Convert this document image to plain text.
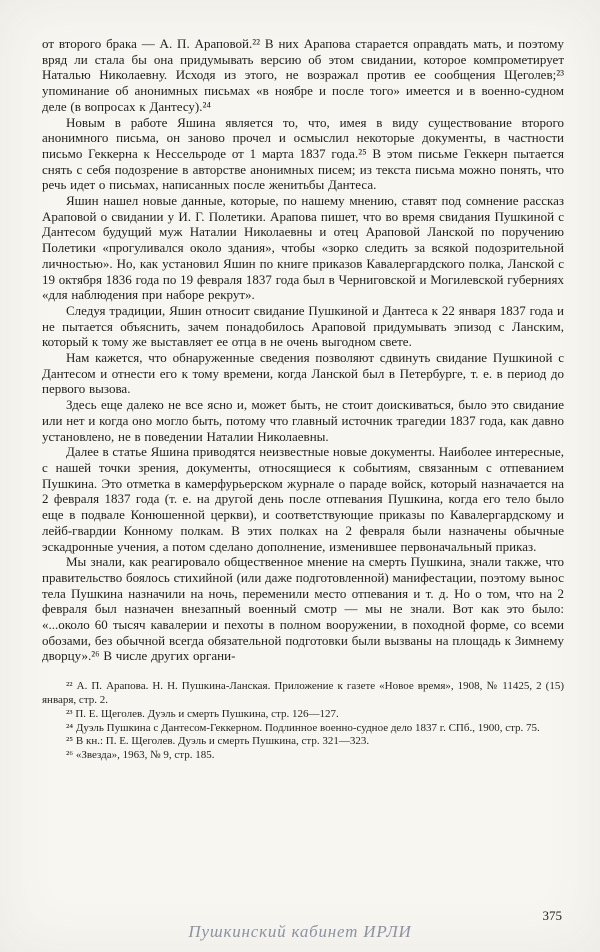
от второго брака — А. П. Араповой.²² В них Арапова старается оправдать мать, и поэтому вряд ли стала бы она придумывать версию об этом свидании, которое компрометирует Наталью Николаевну. Исходя из этого, не возражал против ее сообщения Щеголев;²³ упоминание об анонимных письмах «в ноябре и после того» имеется и в военно-судном деле (в вопросах к Дантесу).²⁴

Новым в работе Яшина является то, что, имея в виду существование второго анонимного письма, он заново прочел и осмыслил некоторые документы, в частности письмо Геккерна к Нессельроде от 1 марта 1837 года.²⁵ В этом письме Геккерн пытается снять с себя подозрение в авторстве анонимных писем; из текста письма можно понять, что речь идет о письмах, написанных после женитьбы Дантеса.

Яшин нашел новые данные, которые, по нашему мнению, ставят под сомнение рассказ Араповой о свидании у И. Г. Полетики. Арапова пишет, что во время свидания Пушкиной с Дантесом будущий муж Наталии Николаевны и отец Араповой Ланской по поручению Полетики «прогуливался около здания», чтобы «зорко следить за всякой подозрительной личностью». Но, как установил Яшин по книге приказов Кавалергардского полка, Ланской с 19 октября 1836 года по 19 февраля 1837 года был в Черниговской и Могилевской губерниях «для наблюдения при наборе рекрут».

Следуя традиции, Яшин относит свидание Пушкиной и Дантеса к 22 января 1837 года и не пытается объяснить, зачем понадобилось Араповой придумывать эпизод с Ланским, который к тому же выставляет ее отца в не очень выгодном свете.

Нам кажется, что обнаруженные сведения позволяют сдвинуть свидание Пушкиной с Дантесом и отнести его к тому времени, когда Ланской был в Петербурге, т. е. в период до первого вызова.

Здесь еще далеко не все ясно и, может быть, не стоит доискиваться, было это свидание или нет и когда оно могло быть, потому что главный источник трагедии 1837 года, как давно установлено, не в поведении Наталии Николаевны.

Далее в статье Яшина приводятся неизвестные новые документы. Наиболее интересные, с нашей точки зрения, документы, относящиеся к событиям, связанным с отпеванием Пушкина. Это отметка в камерфурьерском журнале о параде войск, который назначается на 2 февраля 1837 года (т. е. на другой день после отпевания Пушкина, когда его тело было еще в подвале Конюшенной церкви), и соответствующие приказы по Кавалергардскому и лейб-гвардии Конному полкам. В этих полках на 2 февраля были назначены обычные эскадронные учения, а потом сделано дополнение, изменившее первоначальный приказ.

Мы знали, как реагировало общественное мнение на смерть Пушкина, знали также, что правительство боялось стихийной (или даже подготовленной) манифестации, поэтому вынос тела Пушкина назначили на ночь, переменили место отпевания и т. д. Но о том, что на 2 февраля был назначен внезапный военный смотр — мы не знали. Вот как это было: «...около 60 тысяч кавалерии и пехоты в полном вооружении, в походной форме, со всеми обозами, без обычной всегда обязательной подготовки были вызваны на площадь к Зимнему дворцу».²⁶ В числе других органи-

²² А. П. Арапова. Н. Н. Пушкина-Ланская. Приложение к газете «Новое время», 1908, № 11425, 2 (15) января, стр. 2.

²³ П. Е. Щеголев. Дуэль и смерть Пушкина, стр. 126—127.

²⁴ Дуэль Пушкина с Дантесом-Геккерном. Подлинное военно-судное дело 1837 г. СПб., 1900, стр. 75.

²⁵ В кн.: П. Е. Щеголев. Дуэль и смерть Пушкина, стр. 321—323.

²⁶ «Звезда», 1963, № 9, стр. 185.

375
Пушкинский кабинет ИРЛИ
